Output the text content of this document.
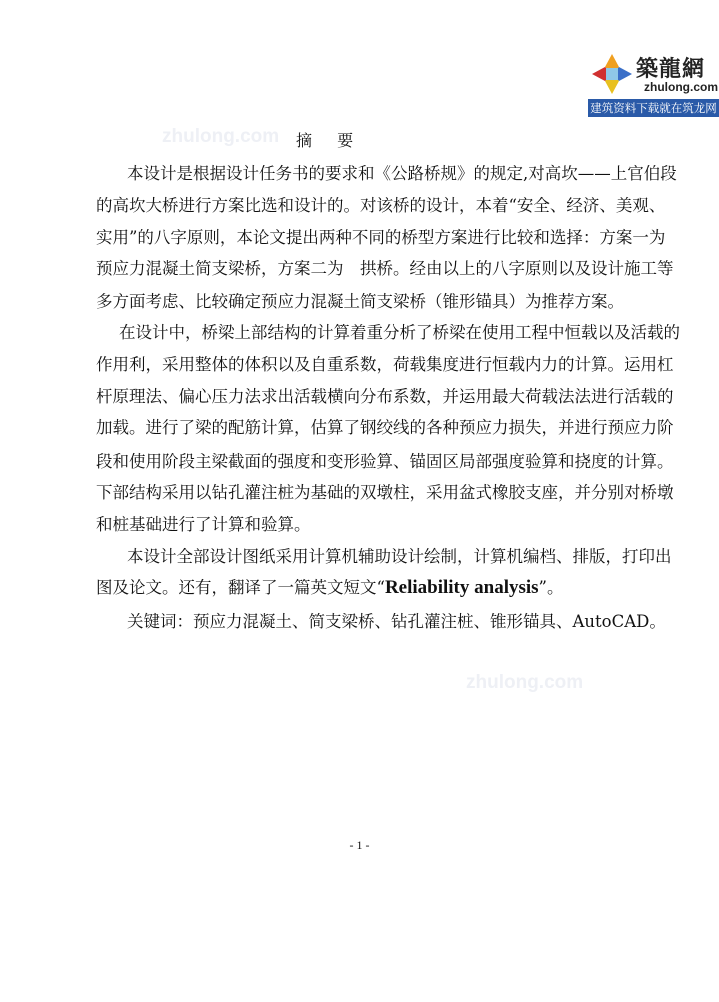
築龍網
zhulong.com
建筑资料下载就在筑龙网
zhulong.com
zhulong.com
摘 要
本设计是根据设计任务书的要求和《公路桥规》的规定,对高坎——上官伯段
的高坎大桥进行方案比选和设计的。对该桥的设计，本着“安全、经济、美观、
实用”的八字原则，本论文提出两种不同的桥型方案进行比较和选择：方案一为
预应力混凝土简支梁桥，方案二为　拱桥。经由以上的八字原则以及设计施工等
多方面考虑、比较确定预应力混凝土简支梁桥（锥形锚具）为推荐方案。
在设计中，桥梁上部结构的计算着重分析了桥梁在使用工程中恒载以及活载的
作用利，采用整体的体积以及自重系数，荷载集度进行恒载内力的计算。运用杠
杆原理法、偏心压力法求出活载横向分布系数，并运用最大荷载法法进行活载的
加载。进行了梁的配筋计算，估算了钢绞线的各种预应力损失，并进行预应力阶
段和使用阶段主梁截面的强度和变形验算、锚固区局部强度验算和挠度的计算。
下部结构采用以钻孔灌注桩为基础的双墩柱，采用盆式橡胶支座，并分别对桥墩
和桩基础进行了计算和验算。
本设计全部设计图纸采用计算机辅助设计绘制，计算机编档、排版，打印出
图及论文。还有，翻译了一篇英文短文“Reliability analysis”。
关键词：预应力混凝土、简支梁桥、钻孔灌注桩、锥形锚具、AutoCAD。
- 1 -
